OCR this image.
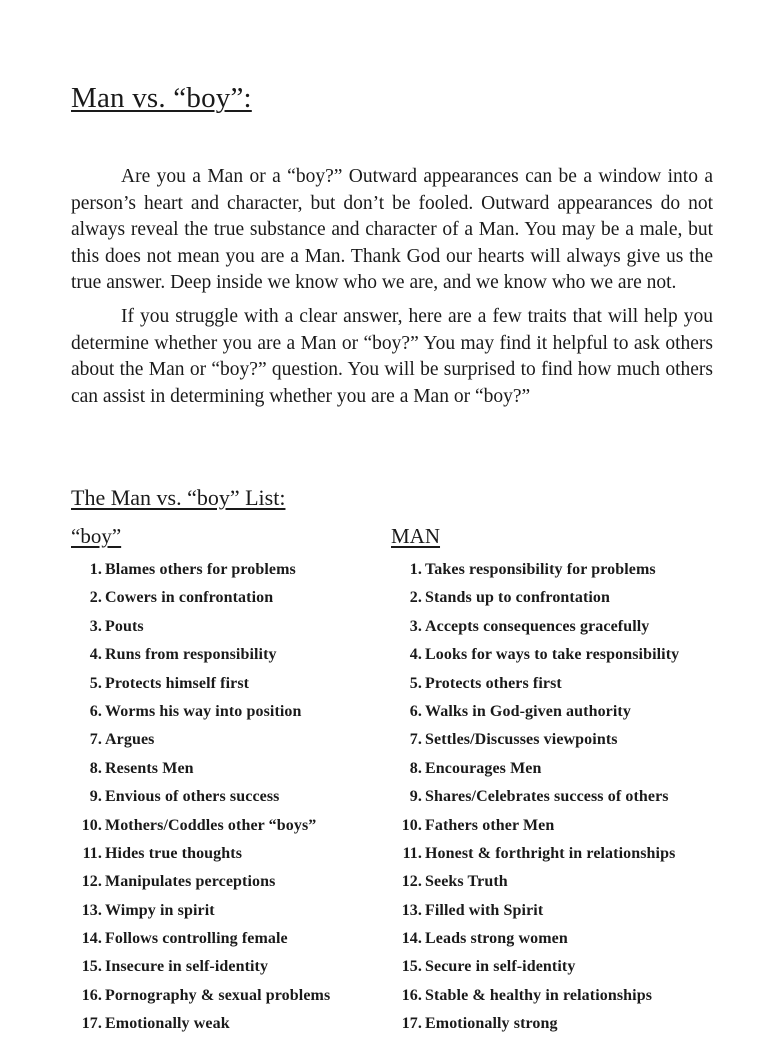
Man vs. “boy”:

Are you a Man or a “boy?” Outward appearances can be a window into a person’s heart and character, but don’t be fooled. Outward appearances do not always reveal the true substance and character of a Man. You may be a male, but this does not mean you are a Man. Thank God our hearts will always give us the true answer. Deep inside we know who we are, and we know who we are not.

If you struggle with a clear answer, here are a few traits that will help you determine whether you are a Man or “boy?” You may find it helpful to ask others about the Man or “boy?” question. You will be surprised to find how much others can assist in determining whether you are a Man or “boy?”

The Man vs. “boy” List:
“boy”	MAN
1. Blames others for problems
2. Cowers in confrontation
3. Pouts
4. Runs from responsibility
5. Protects himself first
6. Worms his way into position
7. Argues
8. Resents Men
9. Envious of others success
10. Mothers/Coddles other “boys”
11. Hides true thoughts
12. Manipulates perceptions
13. Wimpy in spirit
14. Follows controlling female
15. Insecure in self-identity
16. Pornography & sexual problems
17. Emotionally weak
1. Takes responsibility for problems
2. Stands up to confrontation
3. Accepts consequences gracefully
4. Looks for ways to take responsibility
5. Protects others first
6. Walks in God-given authority
7. Settles/Discusses viewpoints
8. Encourages Men
9. Shares/Celebrates success of others
10. Fathers other Men
11. Honest & forthright in relationships
12. Seeks Truth
13. Filled with Spirit
14. Leads strong women
15. Secure in self-identity
16. Stable & healthy in relationships
17. Emotionally strong
